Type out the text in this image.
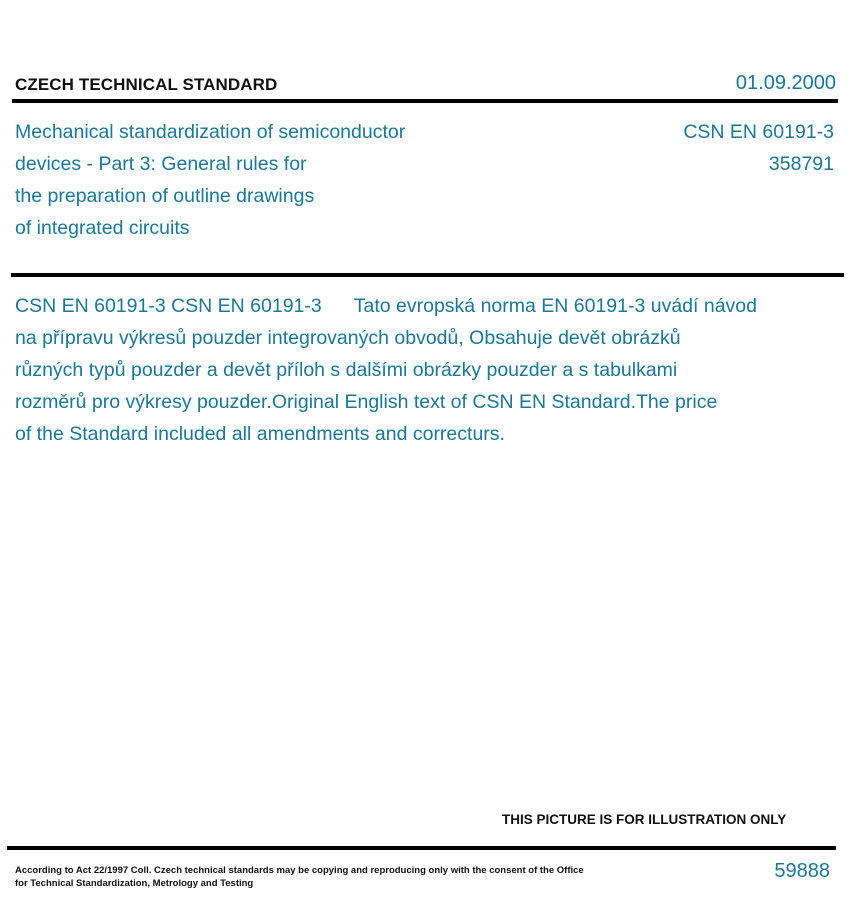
CZECH TECHNICAL STANDARD	01.09.2000
Mechanical standardization of semiconductor
devices - Part 3: General rules for
the preparation of outline drawings
of integrated circuits
CSN EN 60191-3
358791
CSN EN 60191-3 CSN EN 60191-3 Tato evropská norma EN 60191-3 uvádí návod
na přípravu výkresů pouzder integrovaných obvodů, Obsahuje devět obrázků
různých typů pouzder a devět příloh s dalšími obrázky pouzder a s tabulkami
rozměrů pro výkresy pouzder.Original English text of CSN EN Standard.The price
of the Standard included all amendments and correcturs.
THIS PICTURE IS FOR ILLUSTRATION ONLY
According to Act 22/1997 Coll. Czech technical standards may be copying and reproducing only with the consent of the Office
for Technical Standardization, Metrology and Testing
59888
